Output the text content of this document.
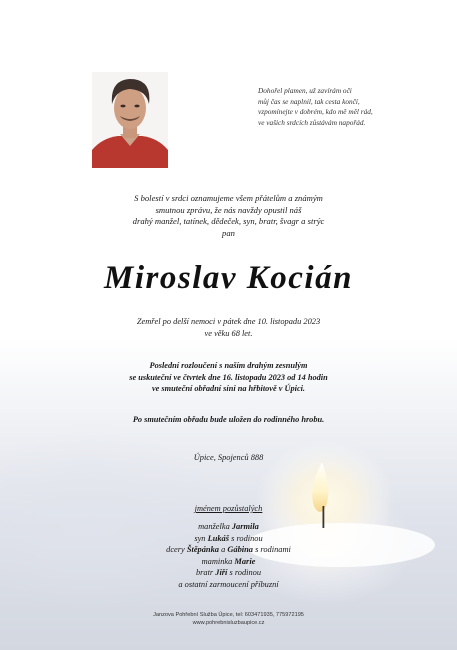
Dohořel plamen, už zavírám oči
můj čas se naplnil, tak cesta končí,
vzpomínejte v dobrém, kdo mě měl rád,
ve vašich srdcích zůstávám napořád.
S bolestí v srdci oznamujeme všem přátelům a známým
smutnou zprávu, že nás navždy opustil náš
drahý manžel, tatínek, dědeček, syn, bratr, švagr a strýc
pan
Miroslav Kocián
Zemřel po delší nemoci v pátek dne 10. listopadu 2023
ve věku 68 let.
Poslední rozloučení s naším drahým zesnulým
se uskuteční ve čtvrtek dne 16. listopadu 2023 od 14 hodin
ve smuteční obřadní síni na hřbitově v Úpici.
Po smutečním obřadu bude uložen do rodinného hrobu.
Úpice, Spojenců 888
jménem pozůstalých
manželka Jarmila
syn Lukáš s rodinou
dcery Štěpánka a Gábina s rodinami
maminka Marie
bratr Jiří s rodinou
a ostatní zarmoucení příbuzní
Janzova Pohřební Služba Úpice, tel: 603471935, 775972195
www.pohrebnisluzbaupice.cz
